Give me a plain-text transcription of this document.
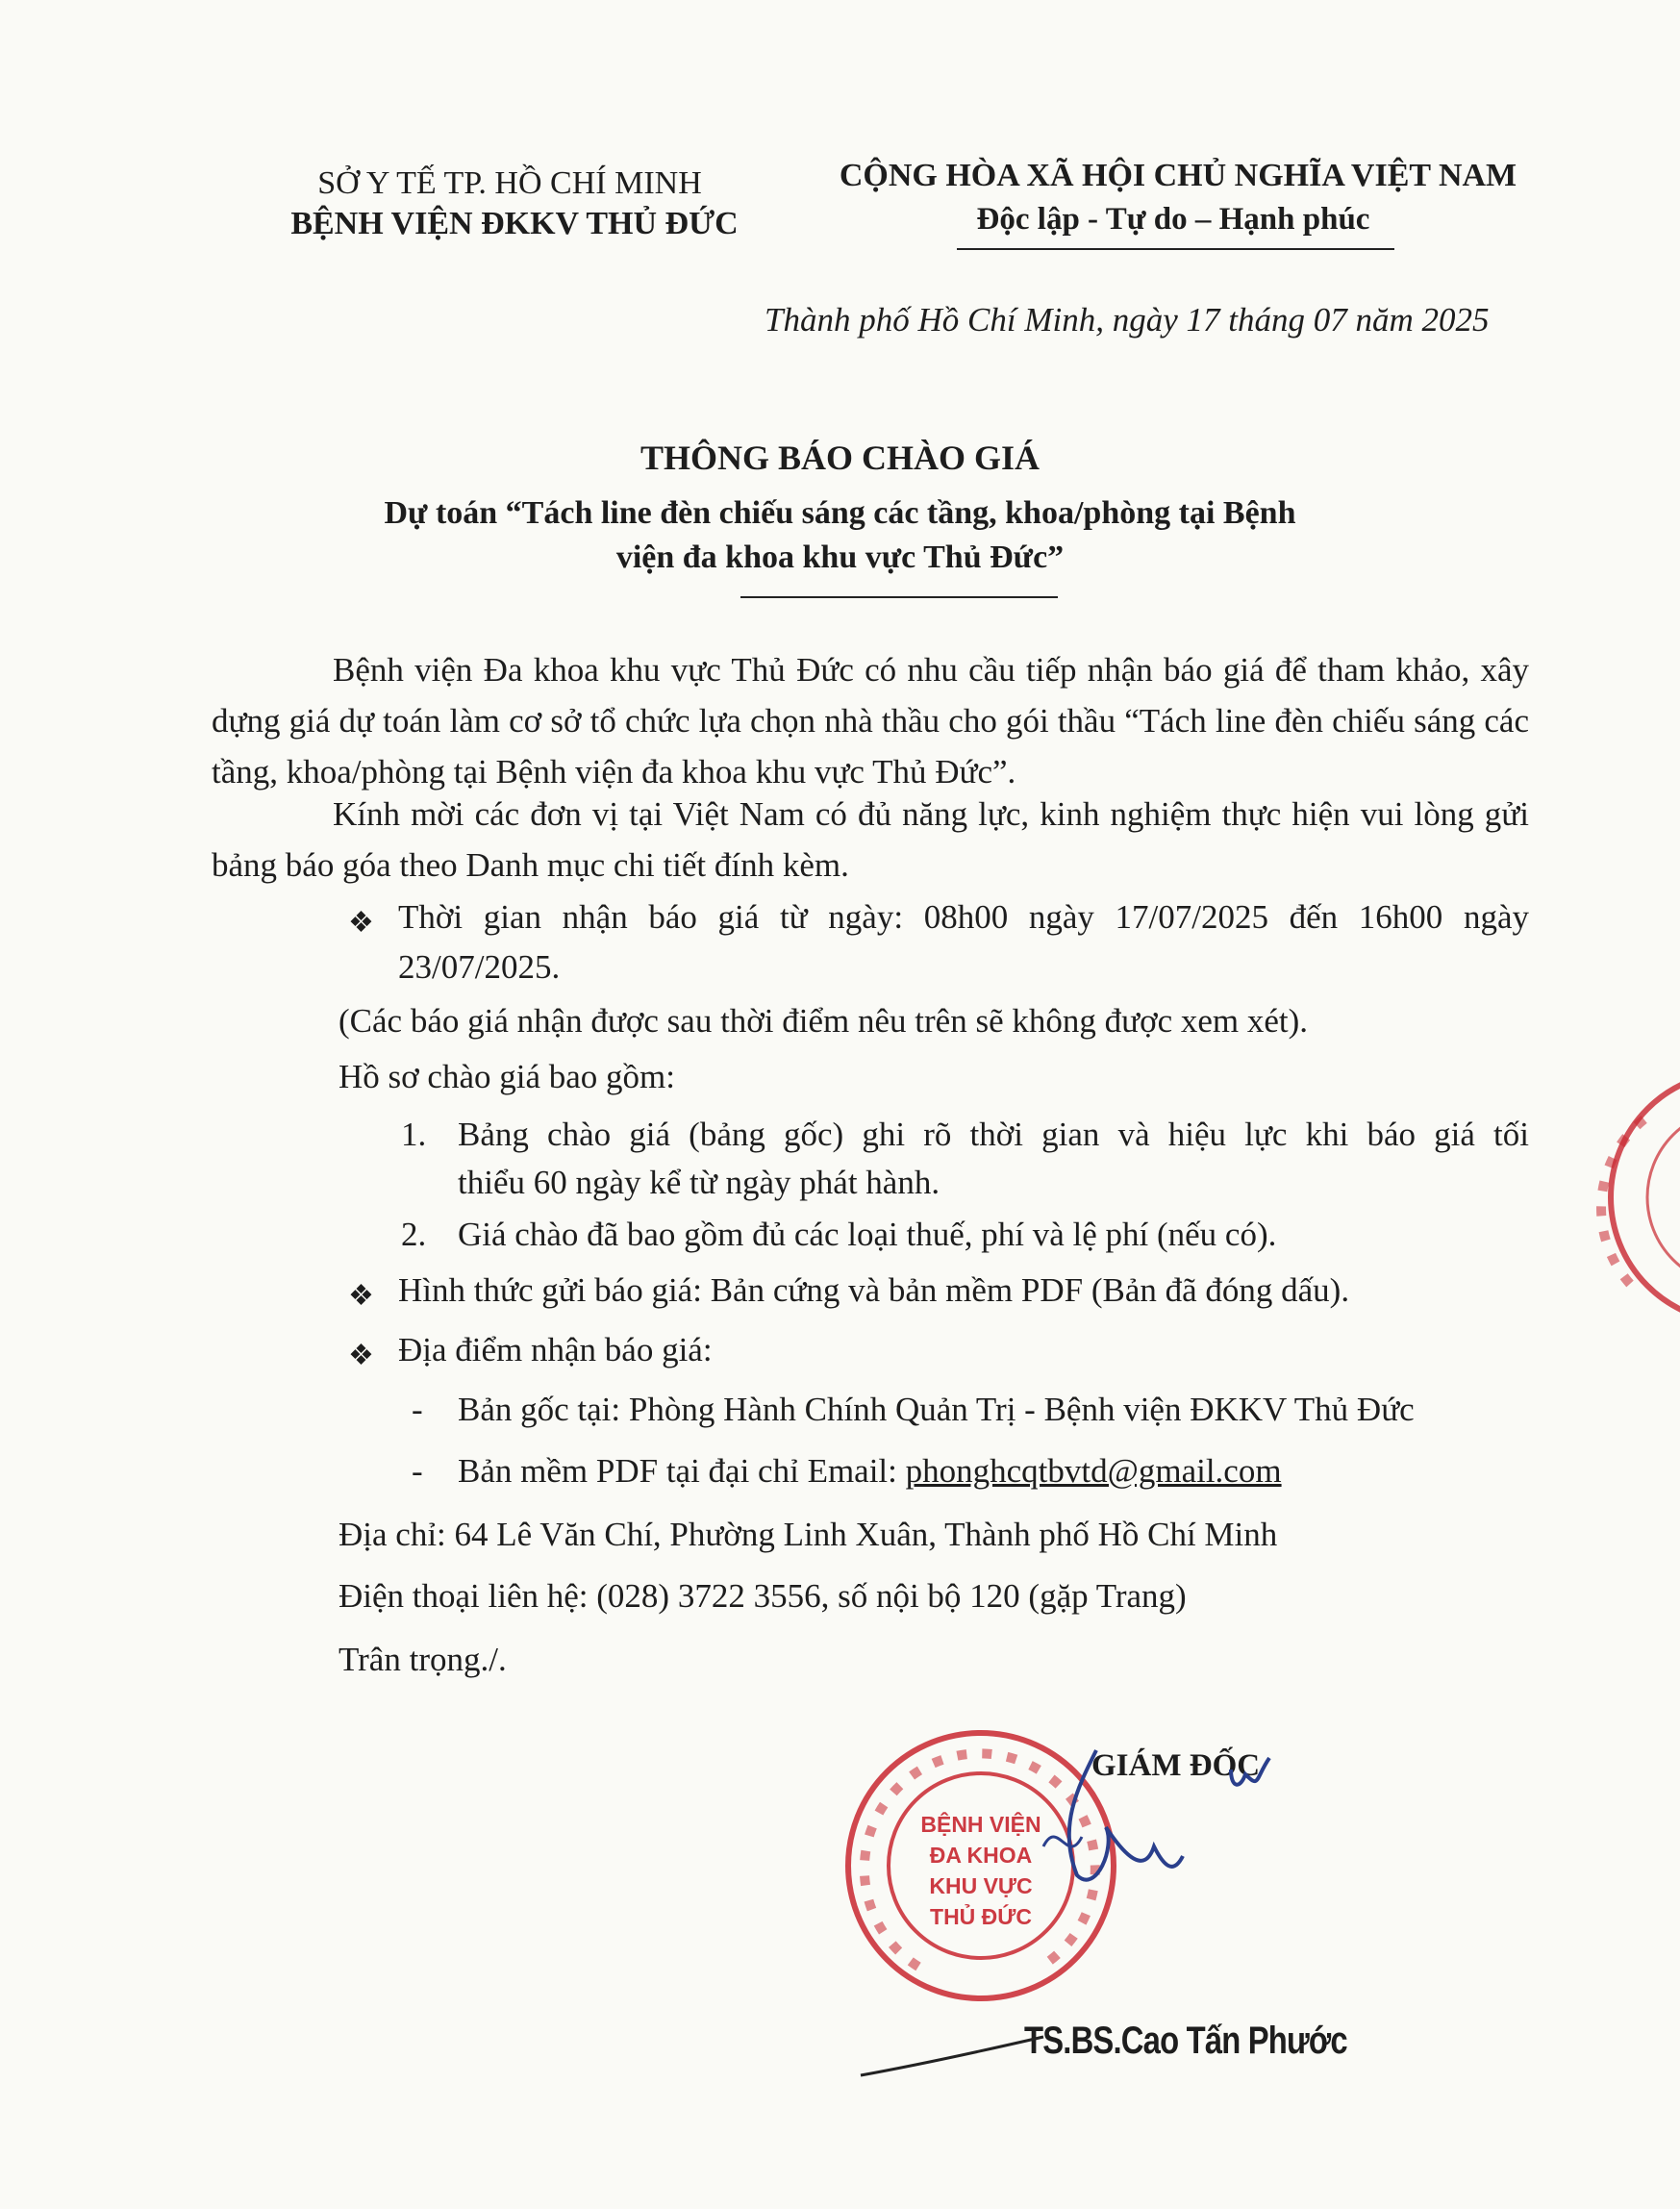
SỞ Y TẾ TP. HỒ CHÍ MINH
BỆNH VIỆN ĐKKV THỦ ĐỨC
CỘNG HÒA XÃ HỘI CHỦ NGHĨA VIỆT NAM
Độc lập - Tự do – Hạnh phúc
Thành phố Hồ Chí Minh, ngày 17 tháng 07 năm 2025
THÔNG BÁO CHÀO GIÁ
Dự toán “Tách line đèn chiếu sáng các tầng, khoa/phòng tại Bệnh
viện đa khoa khu vực Thủ Đức”
Bệnh viện Đa khoa khu vực Thủ Đức có nhu cầu tiếp nhận báo giá để tham khảo, xây dựng giá dự toán làm cơ sở tổ chức lựa chọn nhà thầu cho gói thầu “Tách line đèn chiếu sáng các tầng, khoa/phòng tại Bệnh viện đa khoa khu vực Thủ Đức”.
Kính mời các đơn vị tại Việt Nam có đủ năng lực, kinh nghiệm thực hiện vui lòng gửi bảng báo góa theo Danh mục chi tiết đính kèm.
❖ Thời gian nhận báo giá từ ngày: 08h00 ngày 17/07/2025 đến 16h00 ngày
23/07/2025.
(Các báo giá nhận được sau thời điểm nêu trên sẽ không được xem xét).
Hồ sơ chào giá bao gồm:
1. Bảng chào giá (bảng gốc) ghi rõ thời gian và hiệu lực khi báo giá tối
thiểu 60 ngày kể từ ngày phát hành.
2. Giá chào đã bao gồm đủ các loại thuế, phí và lệ phí (nếu có).
❖ Hình thức gửi báo giá: Bản cứng và bản mềm PDF (Bản đã đóng dấu).
❖ Địa điểm nhận báo giá:
- Bản gốc tại: Phòng Hành Chính Quản Trị - Bệnh viện ĐKKV Thủ Đức
- Bản mềm PDF tại đại chỉ Email: phonghcqtbvtd@gmail.com
Địa chỉ: 64 Lê Văn Chí, Phường Linh Xuân, Thành phố Hồ Chí Minh
Điện thoại liên hệ: (028) 3722 3556, số nội bộ 120 (gặp Trang)
Trân trọng./.
GIÁM ĐỐC
BỆNH VIỆN
ĐA KHOA
KHU VỰC
THỦ ĐỨC
TS.BS.Cao Tấn Phước
